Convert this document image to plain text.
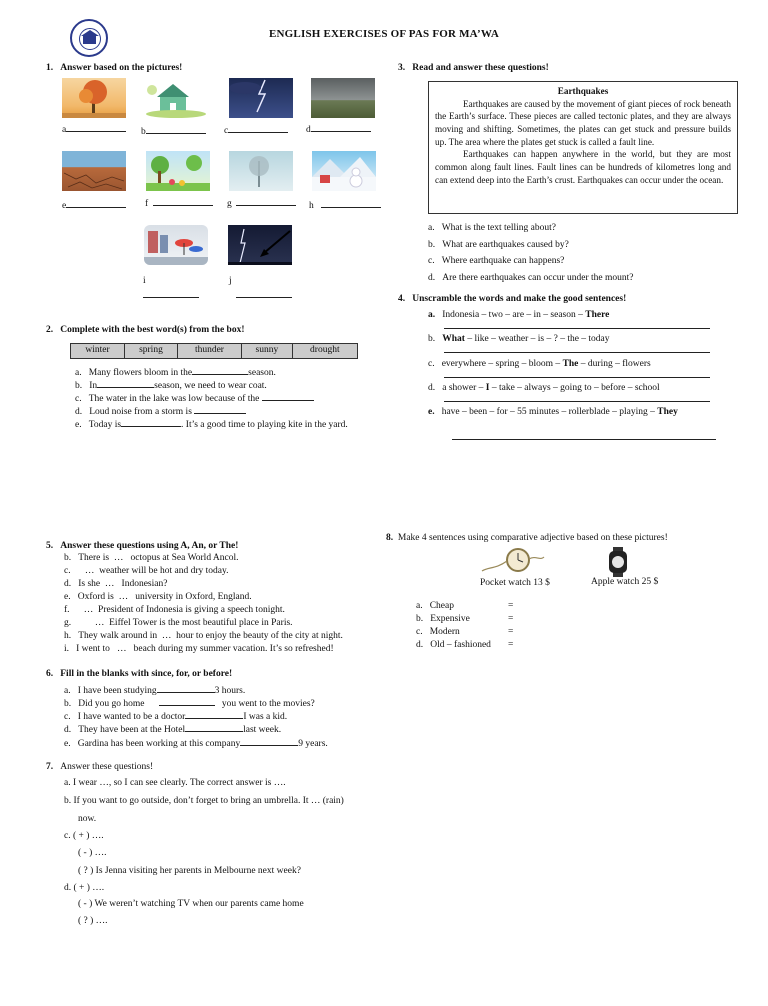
ENGLISH EXERCISES OF PAS FOR MA’WA
1. Answer based on the pictures!
a	b	c	d
e	f	g	h
i	j

2. Complete with the best word(s) from the box!
winter	spring	thunder	sunny	drought
a. Many flowers bloom in the	season.
b. In	season, we need to wear coat.
c. The water in the lake was low because of the
d. Loud noise from a storm is
e. Today is	. It’s a good time to playing kite in the yard.
3. Read and answer these questions!

Earthquakes

Earthquakes are caused by the movement of giant pieces of rock beneath the Earth’s surface. These pieces are called tectonic plates, and they are always moving and shifting. Sometimes, the plates can get stuck and pressure builds up. The area where the plates get stuck is called a fault line.

Earthquakes can happen anywhere in the world, but they are most common along fault lines. Fault lines can be hundreds of kilometres long and can extend deep into the Earth’s crust. Earthquakes can occur under the ocean.

a. What is the text telling about?
b. What are earthquakes caused by?
c. Where earthquake can happens?
d. Are there earthquakes can occur under the mount?
4. Unscramble the words and make the good sentences!
a. Indonesia – two – are – in – season – There
b. What – like – weather – is – ? – the – today
c. everywhere – spring – bloom – The – during – flowers
d. a shower – I – take – always – going to – before – school
e. have – been – for – 55 minutes – rollerblade – playing – They
5. Answer these questions using A, An, or The!
b. There is  …   octopus at Sea World Ancol.
c.      …  weather will be hot and dry today.
d. Is she  …   Indonesian?
e. Oxford is  …   university in Oxford, England.
f.      …  President of Indonesia is giving a speech tonight.
g.          …  Eiffel Tower is the most beautiful place in Paris.
h. They walk around in  …  hour to enjoy the beauty of the city at night.
i. I went to   …   beach during my summer vacation. It’s so refreshed!
6. Fill in the blanks with since, for, or before!
a. I have been studying	3 hours.
b. Did you go home	you went to the movies?
c. I have wanted to be a doctor	I was a kid.
d. They have been at the Hotel	last week.
e. Gardina has been working at this company	9 years.
7. Answer these questions!
a. I wear …, so I can see clearly. The correct answer is ….
b. If you want to go outside, don’t forget to bring an umbrella. It … (rain)
now.
c. ( + ) ….
( - ) ….
( ? ) Is Jenna visiting her parents in Melbourne next week?
d. ( + ) ….
( - ) We weren’t watching TV when our parents came home
( ? ) ….
8. Make 4 sentences using comparative adjective based on these pictures!
Pocket watch 13 $	Apple watch 25 $
a. Cheap	=
b. Expensive	=
c. Modern	=
d. Old – fashioned =
